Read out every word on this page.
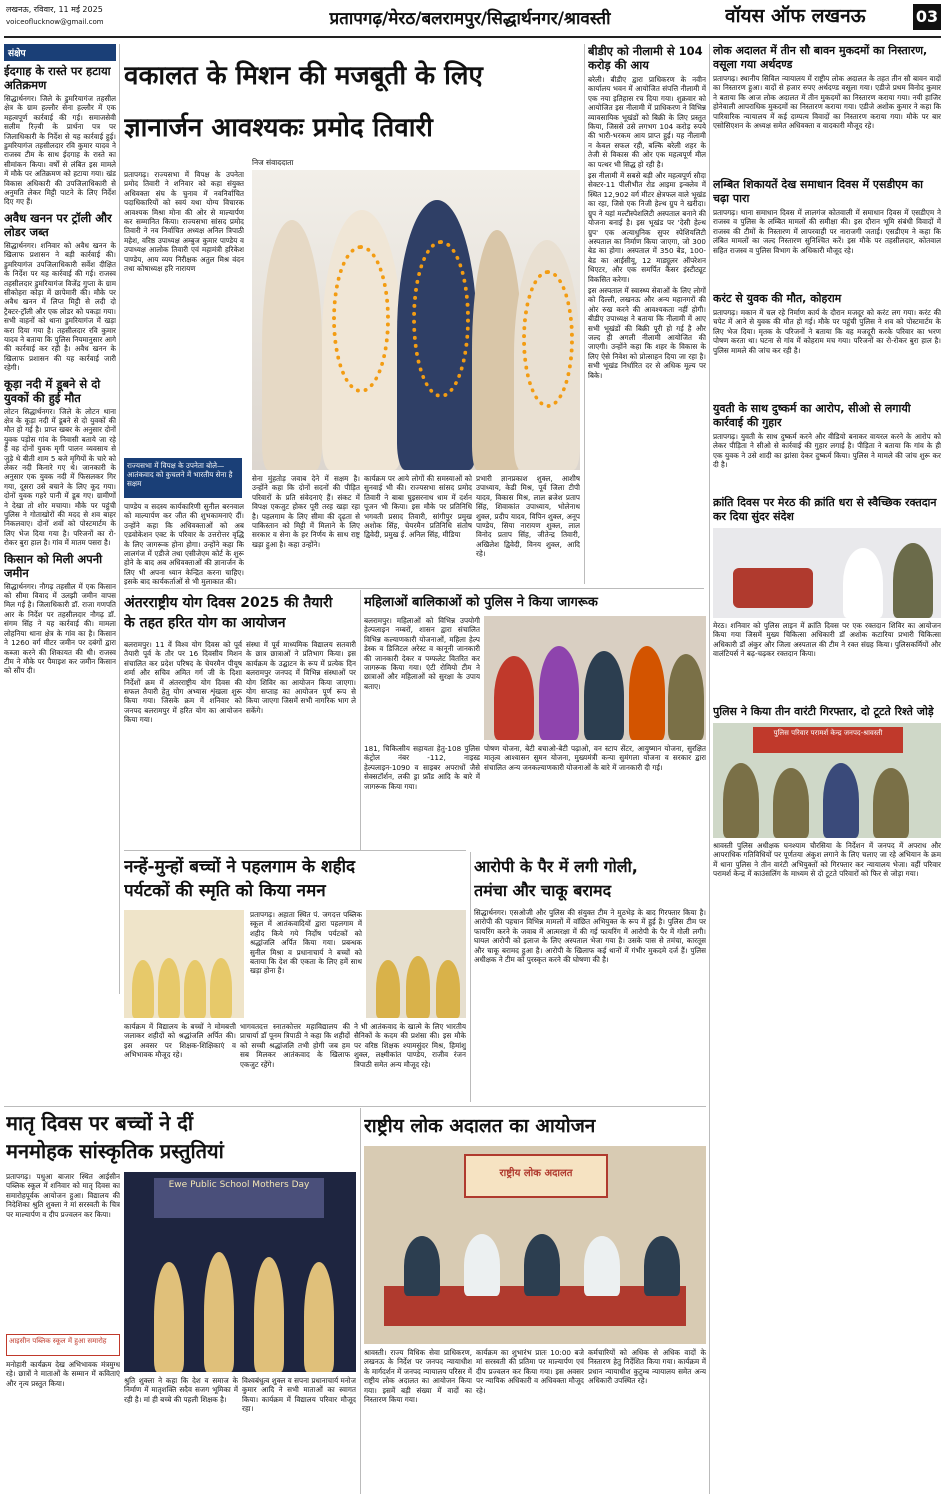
लखनऊ, रविवार, 11 मई 2025
voiceoflucknow@gmail.com	प्रतापगढ़/मेरठ/बलरामपुर/सिद्धार्थनगर/श्रावस्ती	वॉयस ऑफ लखनऊ	03
संक्षेप
ईदगाह के रास्ते पर हटाया अतिक्रमण
सिद्धार्थनगर। जिले के डुमरियागंज तहसील क्षेत्र के ग्राम हल्लौर सेना हल्लौर में एक महत्वपूर्ण कार्रवाई की गई। समाजसेवी सलीम रिज़्वी के प्रार्थना पत्र पर जिलाधिकारी के निर्देश से यह कार्रवाई हुई। डुमरियागंज तहसीलदार रवि कुमार यादव ने राजस्व टीम के साथ ईदगाह के रास्ते का सीमांकन किया। वर्षों से लंबित इस मामले में मौके पर अतिक्रमण को हटाया गया। खंड विकास अधिकारी की उपजिलाधिकारी से अनुमति लेकर मिट्टी पाटने के लिए निर्देश दिए गए हैं।
अवैध खनन पर ट्रॉली और लोडर जब्त
सिद्धार्थनगर। शनिवार को अवैध खनन के खिलाफ प्रशासन ने बड़ी कार्रवाई की। डुमरियागंज उपजिलाधिकारी सर्वेश दीक्षित के निर्देश पर यह कार्रवाई की गई। राजस्व तहसीलदार डुमरियागंज विजेंद्र गुप्ता के ग्राम सीकोहरा कोड़ा में छापेमारी की। मौके पर अवैध खनन में लिप्त मिट्टी से लदी दो ट्रैक्टर-ट्रॉली और एक लोडर को पकड़ा गया। सभी वाहनों को थाना डुमरियागंज में खड़ा करा दिया गया है। तहसीलदार रवि कुमार यादव ने बताया कि पुलिस नियमानुसार आगे की कार्रवाई कर रही है। अवैध खनन के खिलाफ प्रशासन की यह कार्रवाई जारी रहेगी।
कूड़ा नदी में डूबने से दो युवकों की हुई मौत
लोटन सिद्धार्थनगर। जिले के लोटन थाना क्षेत्र के कूड़ा नदी में डूबने से दो युवकों की मौत हो गई है। प्राप्त खबर के अनुसार दोनों युवक पड़ोस गांव के निवासी बताये जा रहे हैं वह दोनों युवक मृगी पालन व्यवसाय से जुड़े थे बीती शाम 5 बजे मृगियों के चारे को लेकर नदी किनारे गए थे। जानकारी के अनुसार एक युवक नदी में फिसलकर गिर गया, दूसरा उसे बचाने के लिए कूद गया। दोनों युवक गहरे पानी में डूब गए। ग्रामीणों ने देखा तो शोर मचाया। मौके पर पहुंची पुलिस ने गोताखोरों की मदद से शव बाहर निकलवाए। दोनों शवों को पोस्टमार्टम के लिए भेज दिया गया है। परिजनों का रो-रोकर बुरा हाल है। गांव में मातम पसरा है।
किसान को मिली अपनी जमीन
सिद्धार्थनगर। नौगढ़ तहसील में एक किसान को सीमा विवाद में उलझी जमीन वापस मिल गई है। जिलाधिकारी डॉ. राजा गणपति आर के निर्देश पर तहसीलदार नौगढ़ डॉ. संगम सिंह ने यह कार्रवाई की। मामला लोहनिया थाना क्षेत्र के गांव का है। किसान ने 1260 वर्ग मीटर जमीन पर दबंगों द्वारा कब्जा करने की शिकायत की थी। राजस्व टीम ने मौके पर पैमाइश कर जमीन किसान को सौंप दी।
वकालत के मिशन की मजबूती के लिए
ज्ञानार्जन आवश्यकः प्रमोद तिवारी
निज संवाददाता
प्रतापगढ़। राज्यसभा में विपक्ष के उपनेता प्रमोद तिवारी ने शनिवार को कहा संयुक्त अधिवक्ता संघ के चुनाव में नवनिर्वाचित पदाधिकारियों को स्वयं यथा योग्य विचारक आवश्यक मिश्रा मोना की ओर से माल्यार्पण कर सम्मानित किया। राज्यसभा सांसद प्रमोद तिवारी ने नव निर्वाचित अध्यक्ष अनिल त्रिपाठी महेश, वरिष्ठ उपाध्यक्ष अम्बुज कुमार पाण्डेय व उपाध्यक्ष आलोक तिवारी एवं महामंत्री हरिकेश पाण्डेय, आय व्यय निरीक्षक अतुल मिश्र वंदन तथा कोषाध्यक्ष हरि नारायण
राज्यसभा में विपक्ष के उपनेता बोले—आतंकवाद को कुचलने में भारतीय सेना है सक्षम
पाण्डेय व सदस्य कार्यकारिणी सुनील बरनवाल को माल्यार्पण कर जीत की शुभकामनाएं दीं। उन्होंने कहा कि अधिवक्ताओं को अब एडवोकेशन एक्ट के परिवार के उत्तरोत्तर वृद्धि के लिए जागरूक होना होगा। उन्होंने कहा कि लालगंज में एडीजे तथा एसीजेएम कोर्ट के शुरू होने के बाद अब अधिवक्ताओं की ज्ञानार्जन के लिए भी अपना ध्यान केन्द्रित करना चाहिए। इसके बाद कार्यकर्ताओं से भी मुलाकात की।
सेना मुंहतोड़ जवाब देने में सक्षम है। उन्होंने कहा कि दोनों सदनों की पीड़ित परिवारों के प्रति संवेदनाएं हैं। संकट में विपक्ष एकजुट होकर पूरी तरह खड़ा रहा है। पहलगाम के लिए सीमा की दृढ़ता से पाकिस्तान को मिट्टी में मिलाने के लिए सरकार व सेना के हर निर्णय के साथ राष्ट्र खड़ा हुआ है। कहा उन्होंने।
कार्यक्रम पर आये लोगों की समस्याओं को सुनवाई भी की। राज्यसभा सांसद प्रमोद तिवारी ने बाबा घुइसरनाथ धाम में दर्शन पूजन भी किया। इस मौके पर प्रतिनिधि भगवती प्रसाद तिवारी, सांगीपुर प्रमुख अशोक सिंह, चेयरमैन प्रतिनिधि संतोष द्विवेदी, प्रमुख ई. अनिल सिंह, मीडिया
प्रभारी ज्ञानप्रकाश शुक्ल, आशीष उपाध्याय, केडी मिश्र, पूर्व जिला टीपी यादव, विकास मिश्र, लाल ब्रजेश प्रताप सिंह, शिवाकांत उपाध्याय, भोलेनाथ शुक्ल, प्रदीप यादव, विपिन शुक्ल, अनूप पाण्डेय, सिया नारायण शुक्ल, लाल विनोद प्रताप सिंह, जीतेन्द्र तिवारी, अखिलेश द्विवेदी, विनय शुक्ल, आदि रहे।
बीडीए को नीलामी से 104 करोड़ की आय
बरेली। बीडीए द्वारा प्राधिकरण के नवीन कार्यालय भवन में आयोजित संपत्ति नीलामी में एक नया इतिहास रच दिया गया। शुक्रवार को आयोजित इस नीलामी में प्राधिकरण ने विभिन्न व्यावसायिक भूखंडों को बिक्री के लिए प्रस्तुत किया, जिससे उसे लगभग 104 करोड़ रुपये की भारी-भरकम आय प्राप्त हुई। यह नीलामी न केवल सफल रही, बल्कि बरेली शहर के तेजी से विकास की ओर एक महत्वपूर्ण मील का पत्थर भी सिद्ध हो रही है।
इस नीलामी में सबसे बड़ी और महत्वपूर्ण सौदा सेक्टर-11 पीलीभीत रोड आइमा इन्क्लेव में स्थित 12,902 वर्ग मीटर क्षेत्रफल वाले भूखंड का रहा, जिसे एक निजी हेल्थ ग्रुप ने खरीदा। ग्रुप ने यहां मल्टीस्पेशलिटी अस्पताल बनाने की योजना बनाई है। इस भूखंड पर 'देसी हेल्थ ग्रुप' एक अत्याधुनिक सुपर स्पेशियलिटी अस्पताल का निर्माण किया जाएगा, जो 300 बेड का होगा। अस्पताल में 350 बेड, 100-बेड का आईसीयू, 12 माड्यूलर ऑपरेशन थिएटर, और एक समर्पित कैंसर इंस्टीट्यूट विकसित करेगा।
इस अस्पताल में स्वास्थ्य सेवाओं के लिए लोगों को दिल्ली, लखनऊ और अन्य महानगरों की ओर रुख करने की आवश्यकता नहीं होगी। बीडीए उपाध्यक्ष ने बताया कि नीलामी में आए सभी भूखंडों की बिक्री पूरी हो गई है और जल्द ही अगली नीलामी आयोजित की जाएगी। उन्होंने कहा कि शहर के विकास के लिए ऐसे निवेश को प्रोत्साहन दिया जा रहा है। सभी भूखंड निर्धारित दर से अधिक मूल्य पर बिके।
लोक अदालत में तीन सौ बावन मुकदमों का निस्तारण, वसूला गया अर्थदण्ड
प्रतापगढ़। स्थानीय सिविल न्यायालय में राष्ट्रीय लोक अदालत के तहत तीन सौ बावन वादों का निस्तारण हुआ। वादों से हजार रुपए अर्थदण्ड वसूला गया। एडीजे प्रथम विनोद कुमार ने बताया कि आज लोक अदालत में तीन मुकदमों का निस्तारण कराया गया। नयी हाजिर होनेवाली आपराधिक मुकदमों का निस्तारण कराया गया। एडीजे अशोक कुमार ने कहा कि पारिवारिक न्यायालय में कई दाम्पत्य विवादों का निस्तारण कराया गया। मौके पर बार एसोसिएशन के अध्यक्ष समेत अधिवक्ता व वादकारी मौजूद रहे।
लम्बित शिकायतें देख समाधान दिवस में एसडीएम का चढ़ा पारा
प्रतापगढ़। थाना समाधान दिवस में लालगंज कोतवाली में समाधान दिवस में एसडीएम ने राजस्व व पुलिस के लम्बित मामलों की समीक्षा की। इस दौरान भूमि संबंधी विवादों में राजस्व की टीमों के निस्तारण में लापरवाही पर नाराजगी जताई। एसडीएम ने कहा कि लंबित मामलों का जल्द निस्तारण सुनिश्चित करें। इस मौके पर तहसीलदार, कोतवाल सहित राजस्व व पुलिस विभाग के अधिकारी मौजूद रहे।
करंट से युवक की मौत, कोहराम
प्रतापगढ़। मकान में चल रहे निर्माण कार्य के दौरान मजदूर को करंट लग गया। करंट की चपेट में आने से युवक की मौत हो गई। मौके पर पहुंची पुलिस ने शव को पोस्टमार्टम के लिए भेज दिया। मृतक के परिजनों ने बताया कि वह मजदूरी करके परिवार का भरण पोषण करता था। घटना से गांव में कोहराम मच गया। परिजनों का रो-रोकर बुरा हाल है। पुलिस मामले की जांच कर रही है।
युवती के साथ दुष्कर्म का आरोप, सीओ से लगायी कार्रवाई की गुहार
प्रतापगढ़। युवती के साथ दुष्कर्म करने और वीडियो बनाकर वायरल करने के आरोप को लेकर पीड़िता ने सीओ से कार्रवाई की गुहार लगाई है। पीड़िता ने बताया कि गांव के ही एक युवक ने उसे शादी का झांसा देकर दुष्कर्म किया। पुलिस ने मामले की जांच शुरू कर दी है।
क्रांति दिवस पर मेरठ की क्रांति धरा से स्वैच्छिक रक्तदान कर दिया सुंदर संदेश
मेरठ। शनिवार को पुलिस लाइन में क्रांति दिवस पर एक रक्तदान शिविर का आयोजन किया गया जिसमें मुख्य चिकित्सा अधिकारी डॉ अशोक कटारिया प्रभारी चिकित्सा अधिकारी डॉ अंकुर और जिला अस्पताल की टीम ने रक्त संग्रह किया। पुलिसकर्मियों और वालंटियर्स ने बढ़-चढ़कर रक्तदान किया।
पुलिस ने किया तीन वारंटी गिरफ्तार, दो टूटते रिश्ते जोड़े
पुलिस परिवार परामर्श केन्द्र जनपद-श्रावस्ती
श्रावस्ती पुलिस अधीक्षक घनश्याम चौरसिया के निर्देशन में जनपद में अपराध और आपराधिक गतिविधियों पर पूर्णतया अंकुश लगाने के लिए चलाए जा रहे अभियान के क्रम में थाना पुलिस ने तीन वारंटी अभियुक्तों को गिरफ्तार कर न्यायालय भेजा। वहीं परिवार परामर्श केन्द्र में काउंसलिंग के माध्यम से दो टूटते परिवारों को फिर से जोड़ा गया।
अंतरराष्ट्रीय योग दिवस 2025 की तैयारी
के तहत हरित योग का आयोजन
बलरामपुर। 11 वें विश्व योग दिवस को पूर्व तैयारी पूर्व के तौर पर 16 दिवसीय मिशन संचालित कर प्रदेश परिषद के चेयरमैन पीयूष शर्मा और सचिव अमित गर्ग जी के दिशा निर्देशों क्रम में अंतरराष्ट्रीय योग दिवस की सफल तैयारी हेतु योग अभ्यास शृंखला शुरू किया गया। जिसके क्रम में शनिवार को जनपद बलरामपुर में हरित योग का आयोजन किया गया।
संस्था में पूर्व माध्यमिक विद्यालय सतवारी के छात्र छात्राओं ने प्रतिभाग किया। इस कार्यक्रम के उद्घाटन के रूप में प्रत्येक दिन बलरामपुर जनपद में विभिन्न संस्थाओं पर योग शिविर का आयोजन किया जाएगा। योग सप्ताह का आयोजन पूर्ण रूप से किया जाएगा जिसमें सभी नागरिक भाग ले सकेंगे।
महिलाओं बालिकाओं को पुलिस ने किया जागरूक
बलरामपुर। महिलाओं को विभिन्न उपयोगी हेल्पलाइन नम्बरों, शासन द्वारा संचालित विभिन्न कल्याणकारी योजनाओं, महिला हेल्प डेस्क व डिजिटल अरेस्ट व कानूनी जानकारी की जानकारी देकर व पम्फलेट वितरित कर जागरूक किया गया। एंटी रोमियो टीम ने छात्राओं और महिलाओं को सुरक्षा के उपाय बताए।
181, चिकित्सीय सहायता हेतु-108 पुलिस कंट्रोल नंबर -112, नाइस्ड हेल्पलाइन-1090 व साइबर अपराधों जैसे सेक्सटॉर्शन, लकी ड्रा फ्रॉड आदि के बारे में जागरूक किया गया।
पोषण योजना, बेटी बचाओ-बेटी पढ़ाओ, वन स्टाप सेंटर, आयुष्मान योजना, सुरक्षित मातृत्व आश्वासन सुमन योजना, मुख्यमंत्री कन्या सुमंगला योजना व सरकार द्वारा संचालित अन्य जनकल्याणकारी योजनाओं के बारे में जानकारी दी गई।
नन्हें-मुन्हों बच्चों ने पहलगाम के शहीद
पर्यटकों की स्मृति को किया नमन
प्रतापगढ़। अहाता स्थित पं. जगदत्त पब्लिक स्कूल में आतंकवादियों द्वारा पहलगाम में शहीद किये गये निर्दोष पर्यटकों को श्रद्धांजलि अर्पित किया गया। प्रबन्धक सुनील मिश्रा व प्रधानाचार्य ने बच्चों को बताया कि देश की एकता के लिए हमें साथ खड़ा होना है।
कार्यक्रम में विद्यालय के बच्चों ने मोमबत्ती जलाकर शहीदों को श्रद्धांजलि अर्पित की। इस अवसर पर शिक्षक-शिक्षिकाएं व अभिभावक मौजूद रहे।
भागवतदत्त स्नातकोत्तर महाविद्यालय की प्राचार्या डॉ पूनम त्रिपाठी ने कहा कि शहीदों को सच्ची श्रद्धांजलि तभी होगी जब हम सब मिलकर आतंकवाद के खिलाफ एकजुट रहेंगे।
ने भी आतंकवाद के खात्मे के लिए भारतीय सैनिकों के कदम की प्रशंसा की। इस मौके पर वरिष्ठ शिक्षक श्यामसुंदर मिश्र, हिमांशु शुक्ल, लक्ष्मीकांत पाण्डेय, राजीव रंजन त्रिपाठी समेत अन्य मौजूद रहे।
आरोपी के पैर में लगी गोली,
तमंचा और चाकू बरामद
सिद्धार्थनगर। एसओजी और पुलिस की संयुक्त टीम ने मुठभेड़ के बाद गिरफ्तार किया है। आरोपी की पहचान विभिन्न मामलों में वांछित अभियुक्त के रूप में हुई है। पुलिस टीम पर फायरिंग करने के जवाब में आत्मरक्षा में की गई फायरिंग में आरोपी के पैर में गोली लगी। घायल आरोपी को इलाज के लिए अस्पताल भेजा गया है। उसके पास से तमंचा, कारतूस और चाकू बरामद हुआ है। आरोपी के खिलाफ कई थानों में गंभीर मुकदमे दर्ज हैं। पुलिस अधीक्षक ने टीम को पुरस्कृत करने की घोषणा की है।
मातृ दिवस पर बच्चों ने दीं
मनमोहक सांस्कृतिक प्रस्तुतियां
प्रतापगढ़। पधुआ बाजार स्थित आईसीन पब्लिक स्कूल में शनिवार को मातृ दिवस का समारोहपूर्वक आयोजन हुआ। विद्यालय की निदेशिका श्रुति शुक्ला ने मां सरस्वती के चित्र पर माल्यार्पण व दीप प्रज्वलन कर किया।
आइसीन पब्लिक स्कूल में हुआ समारोह
मनोहारी कार्यक्रम देख अभिभावक मंत्रमुग्ध रहे। छात्रों ने माताओं के सम्मान में कविताएं और नृत्य प्रस्तुत किया।
Ewe Public School Mothers Day
श्रुति शुक्ला ने कहा कि देश व समाज के निर्माण में मातृशक्ति सदैव सजग भूमिका में रही है। मां ही बच्चे की पहली शिक्षक है।
विश्वबंधुत्व शुक्ल व सपना प्रधानाचार्य मनोज कुमार आदि ने सभी माताओं का स्वागत किया। कार्यक्रम में विद्यालय परिवार मौजूद रहा।
राष्ट्रीय लोक अदालत का आयोजन
राष्ट्रीय लोक अदालत
श्रावस्ती। राज्य विधिक सेवा प्राधिकरण, लखनऊ के निर्देश पर जनपद न्यायाधीश के मार्गदर्शन में जनपद न्यायालय परिसर में राष्ट्रीय लोक अदालत का आयोजन किया गया। इसमें बड़ी संख्या में वादों का निस्तारण किया गया।
कार्यक्रम का शुभारंभ प्रातः 10:00 बजे मां सरस्वती की प्रतिमा पर माल्यार्पण एवं दीप प्रज्वलन कर किया गया। इस अवसर पर न्यायिक अधिकारी व अधिवक्ता मौजूद रहे।
कर्मचारियों को अधिक से अधिक वादों के निस्तारण हेतु निर्देशित किया गया। कार्यक्रम में प्रधान न्यायाधीश कुटुम्ब न्यायालय समेत अन्य अधिकारी उपस्थित रहे।
